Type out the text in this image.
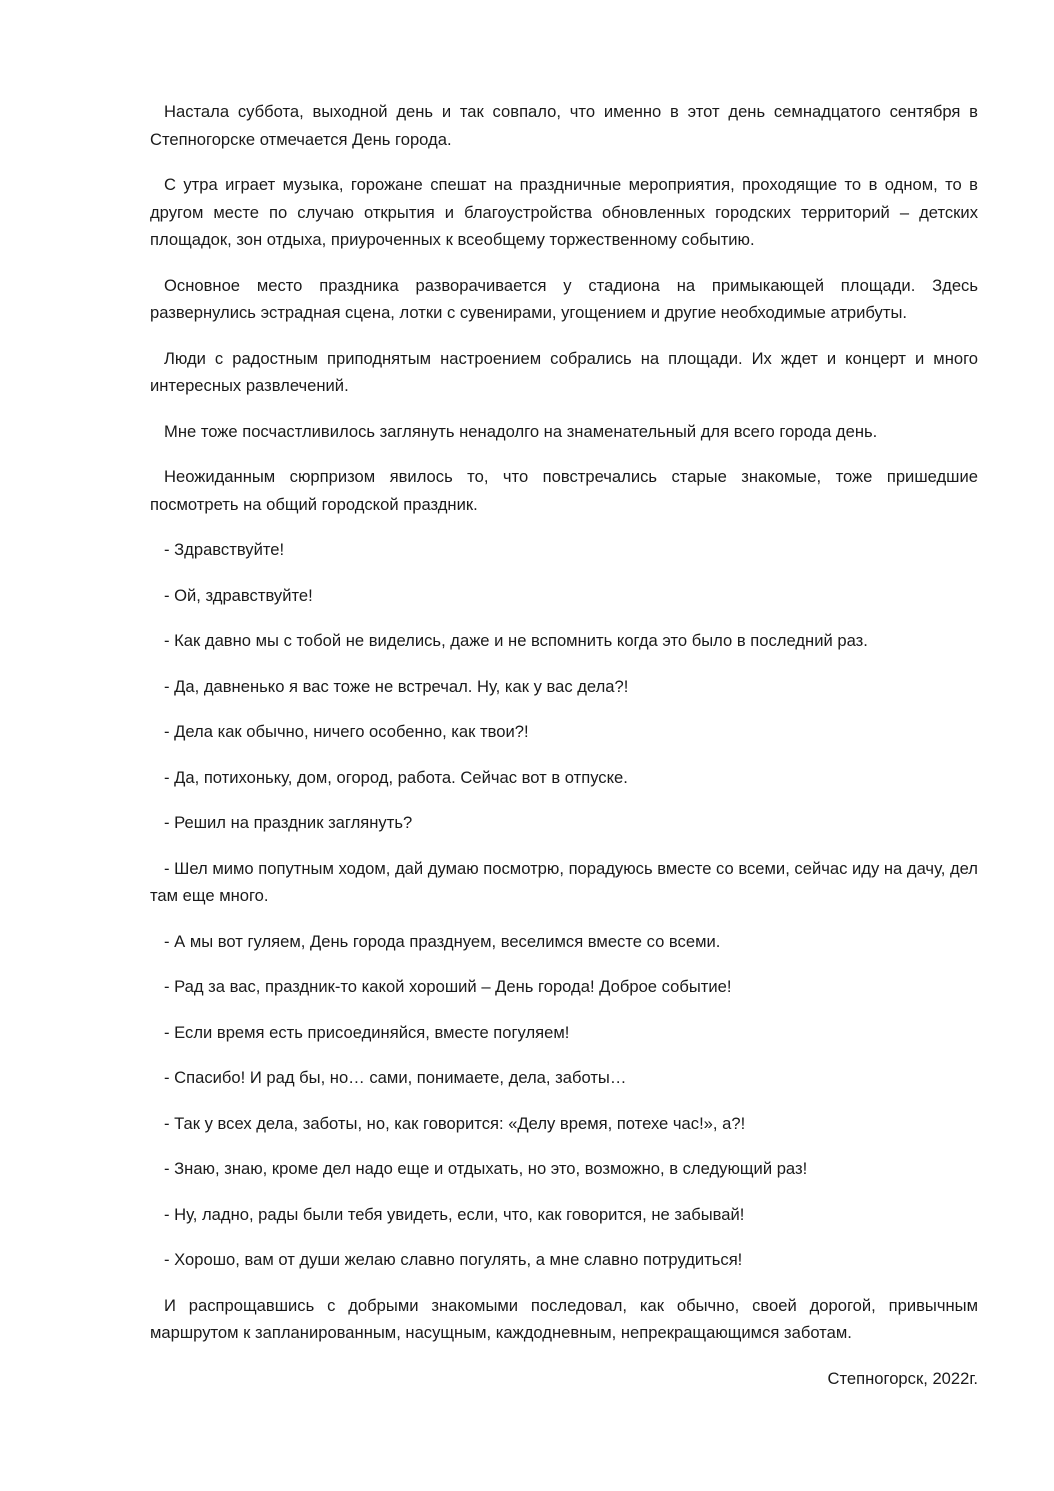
Настала суббота, выходной день и так совпало, что именно в этот день семнадцатого сентября в Степногорске отмечается День города.

С утра играет музыка, горожане спешат на праздничные мероприятия, проходящие то в одном, то в другом месте по случаю открытия и благоустройства обновленных городских территорий – детских площадок, зон отдыха, приуроченных к всеобщему торжественному событию.

Основное место праздника разворачивается у стадиона на примыкающей площади. Здесь развернулись эстрадная сцена, лотки с сувенирами, угощением и другие необходимые атрибуты.

Люди с радостным приподнятым настроением собрались на площади. Их ждет и концерт и много интересных развлечений.

Мне тоже посчастливилось заглянуть ненадолго на знаменательный для всего города день.

Неожиданным сюрпризом явилось то, что повстречались старые знакомые, тоже пришедшие посмотреть на общий городской праздник.

- Здравствуйте!

- Ой, здравствуйте!

- Как давно мы с тобой не виделись, даже и не вспомнить когда это было в последний раз.

- Да, давненько я вас тоже не встречал. Ну, как у вас дела?!

- Дела как обычно, ничего особенно, как твои?!

- Да, потихоньку, дом, огород, работа. Сейчас вот в отпуске.

- Решил на праздник заглянуть?

- Шел мимо попутным ходом, дай думаю посмотрю, порадуюсь вместе со всеми, сейчас иду на дачу, дел там еще много.

- А мы вот гуляем, День города празднуем, веселимся вместе со всеми.

- Рад за вас, праздник-то какой хороший – День города! Доброе событие!

- Если время есть присоединяйся, вместе погуляем!

- Спасибо! И рад бы, но… сами, понимаете, дела, заботы…

- Так у всех дела, заботы, но, как говорится: «Делу время, потехе час!», а?!

- Знаю, знаю, кроме дел надо еще и отдыхать, но это, возможно, в следующий раз!

- Ну, ладно, рады были тебя увидеть, если, что, как говорится, не забывай!

- Хорошо, вам от души желаю славно погулять, а мне славно потрудиться!

И распрощавшись с добрыми знакомыми последовал, как обычно, своей дорогой, привычным маршрутом к запланированным, насущным, каждодневным, непрекращающимся заботам.

Степногорск, 2022г.
